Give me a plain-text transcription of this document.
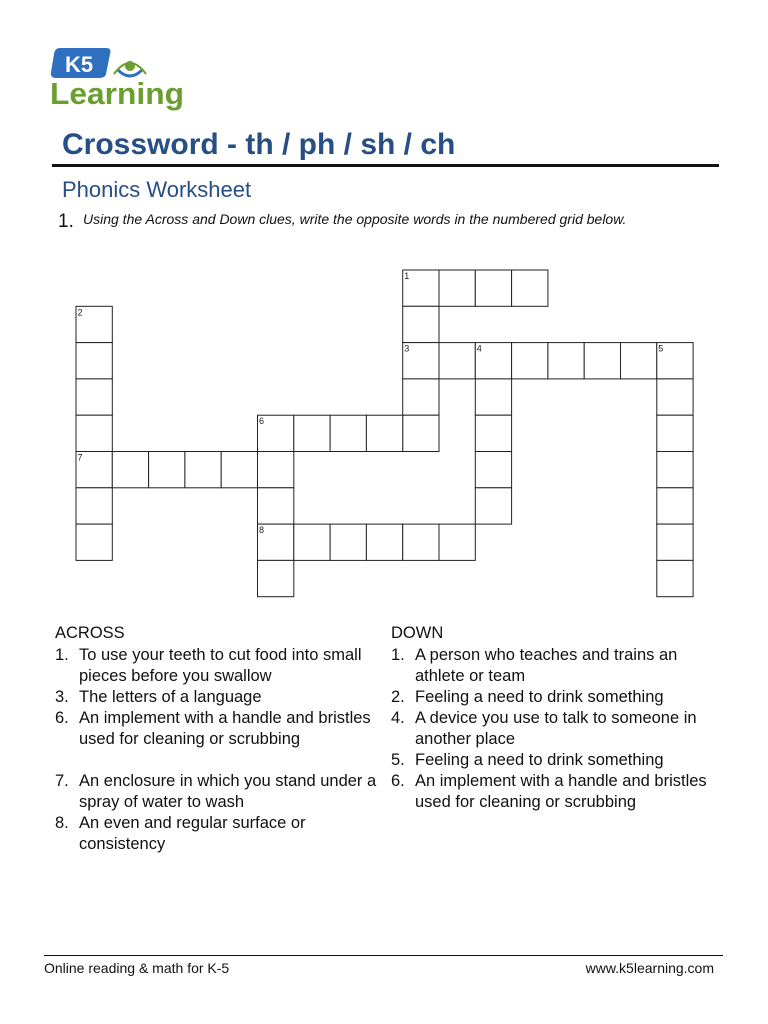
K5
Learning
Crossword - th / ph / sh / ch
Phonics Worksheet
1. Using the Across and Down clues, write the opposite words in the numbered grid below.
1
2
3	4	5
6
7
8
ACROSS
1. To use your teeth to cut food into small pieces before you swallow
3. The letters of a language
6. An implement with a handle and bristles used for cleaning or scrubbing
7. An enclosure in which you stand under a spray of water to wash
8. An even and regular surface or consistency
DOWN
1. A person who teaches and trains an athlete or team
2. Feeling a need to drink something
4. A device you use to talk to someone in another place
5. Feeling a need to drink something
6. An implement with a handle and bristles used for cleaning or scrubbing
Online reading & math for K-5	www.k5learning.com
